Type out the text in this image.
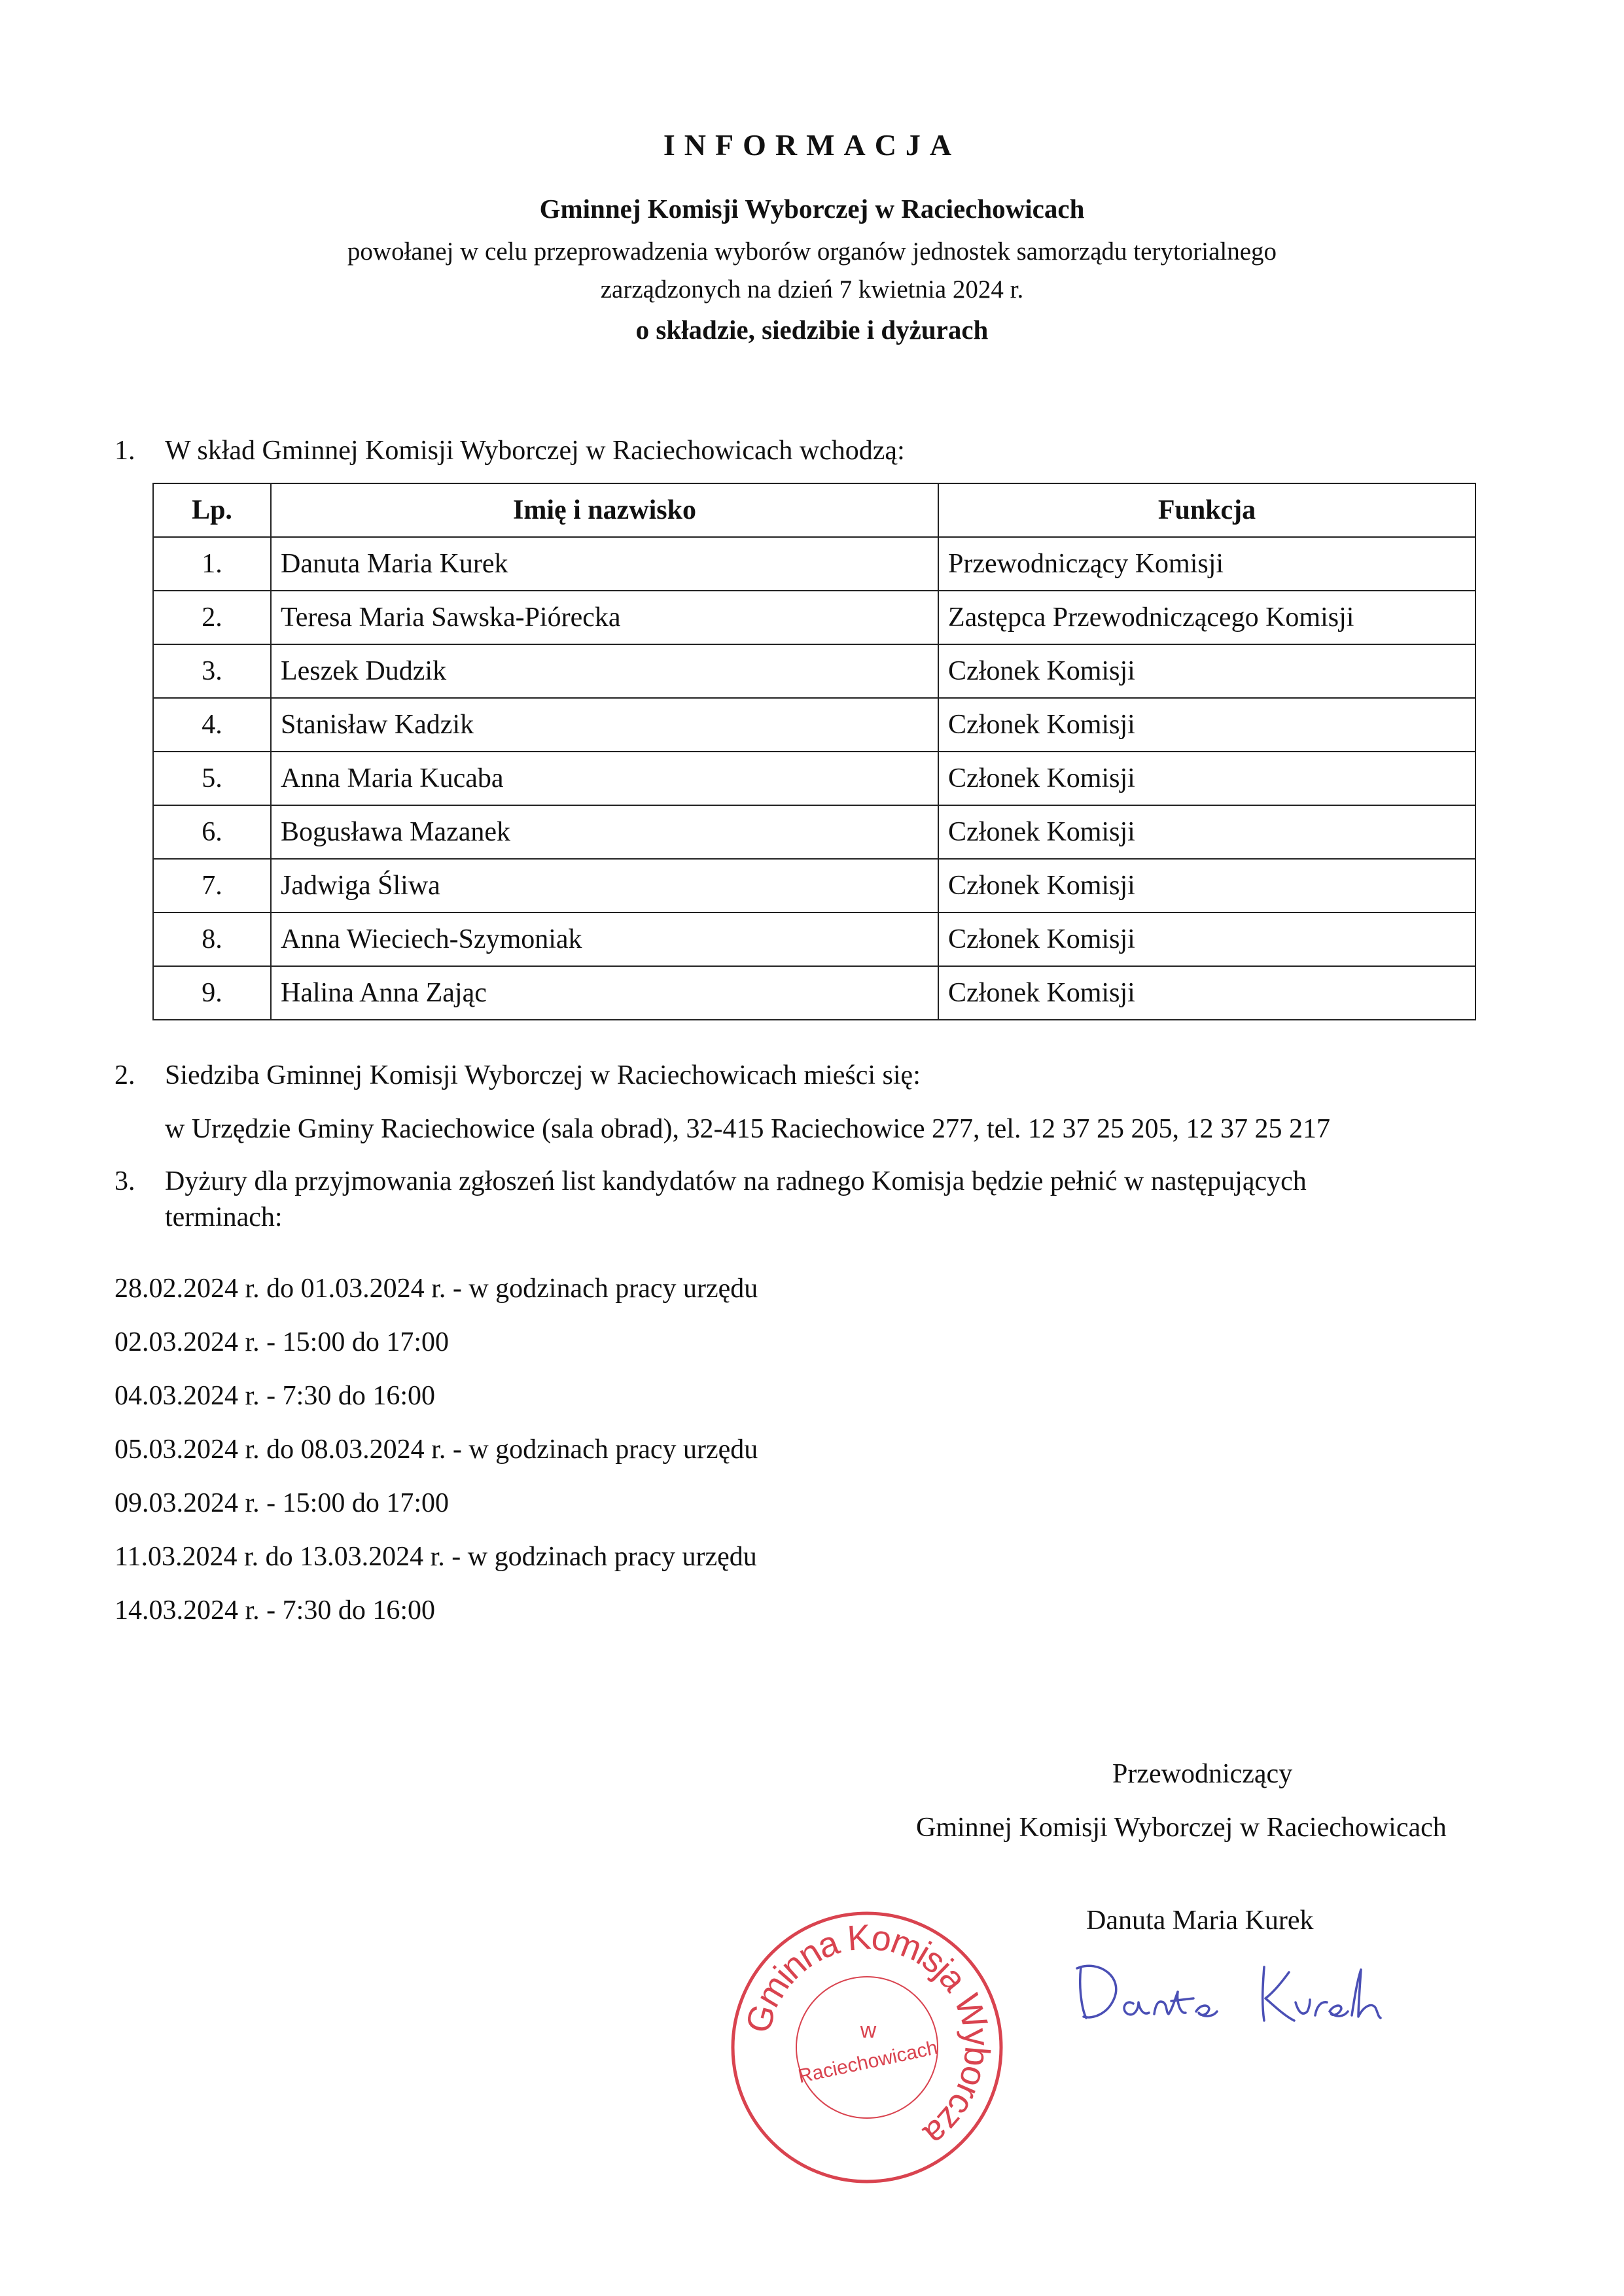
INFORMACJA
Gminnej Komisji Wyborczej w Raciechowicach
powołanej w celu przeprowadzenia wyborów organów jednostek samorządu terytorialnego
zarządzonych na dzień 7 kwietnia 2024 r.
o składzie, siedzibie i dyżurach
1.	W skład Gminnej Komisji Wyborczej w Raciechowicach wchodzą:
Lp.	Imię i nazwisko	Funkcja
1.	Danuta Maria Kurek	Przewodniczący Komisji
2.	Teresa Maria Sawska-Piórecka	Zastępca Przewodniczącego Komisji
3.	Leszek Dudzik	Członek Komisji
4.	Stanisław Kadzik	Członek Komisji
5.	Anna Maria Kucaba	Członek Komisji
6.	Bogusława Mazanek	Członek Komisji
7.	Jadwiga Śliwa	Członek Komisji
8.	Anna Wieciech-Szymoniak	Członek Komisji
9.	Halina Anna Zając	Członek Komisji
2.	Siedziba Gminnej Komisji Wyborczej w Raciechowicach mieści się:
w Urzędzie Gminy Raciechowice (sala obrad), 32-415 Raciechowice 277, tel. 12 37 25 205, 12 37 25 217
3.	Dyżury dla przyjmowania zgłoszeń list kandydatów na radnego Komisja będzie pełnić w następujących
terminach:
28.02.2024 r. do 01.03.2024 r. - w godzinach pracy urzędu
02.03.2024 r. - 15:00 do 17:00
04.03.2024 r. - 7:30 do 16:00
05.03.2024 r. do 08.03.2024 r. - w godzinach pracy urzędu
09.03.2024 r. - 15:00 do 17:00
11.03.2024 r. do 13.03.2024 r. - w godzinach pracy urzędu
14.03.2024 r. - 7:30 do 16:00
Przewodniczący
Gminnej Komisji Wyborczej w Raciechowicach
Danuta Maria Kurek
Gminna Komisja Wyborcza
w
Raciechowicach
